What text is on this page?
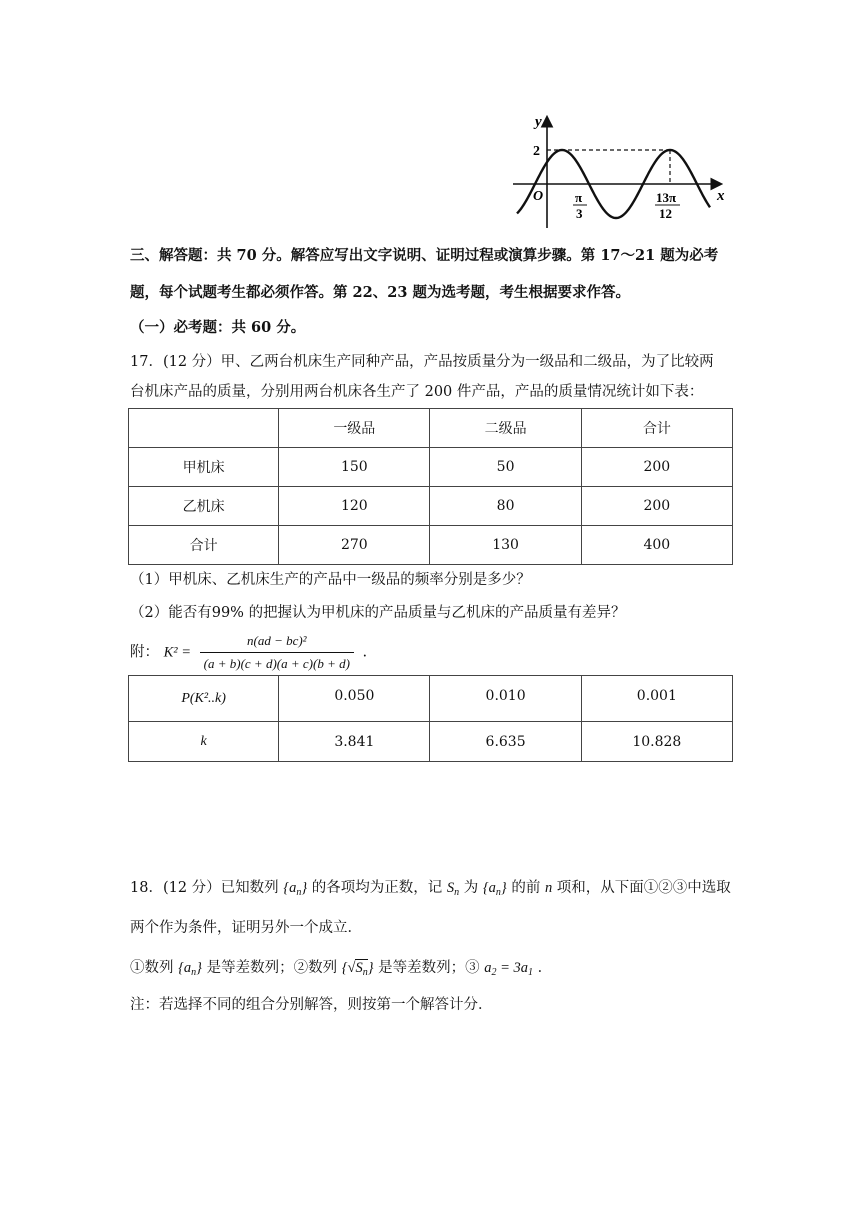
y
x
O
2
π
3
13π
12
三、解答题：共 70 分。解答应写出文字说明、证明过程或演算步骤。第 17～21 题为必考
题，每个试题考生都必须作答。第 22、23 题为选考题，考生根据要求作答。
（一）必考题：共 60 分。
17．(12 分）甲、乙两台机床生产同种产品，产品按质量分为一级品和二级品，为了比较两
台机床产品的质量，分别用两台机床各生产了 200 件产品，产品的质量情况统计如下表：
	一级品	二级品	合计
甲机床	150	50	200
乙机床	120	80	200
合计	270	130	400
（1）甲机床、乙机床生产的产品中一级品的频率分别是多少？
（2）能否有99% 的把握认为甲机床的产品质量与乙机床的产品质量有差异？
附： $K^2 = \frac{\text{n(ad − bc)²}}{(a + b)(c + d)(a + c)(b + d)}$ .
P(K²..k)	0.050	0.010	0.001
k	3.841	6.635	10.828
18．(12 分）已知数列 $\{a_n\}$ 的各项均为正数，记 $S_n$ 为 $\{a_n\}$ 的前 n 项和，从下面①②③中选取
两个作为条件，证明另外一个成立．
①数列 $\{a_n\}$ 是等差数列；②数列 $\{√S_n\}$ 是等差数列；③ $a_2 = 3a_1$ ．
注：若选择不同的组合分别解答，则按第一个解答计分．
